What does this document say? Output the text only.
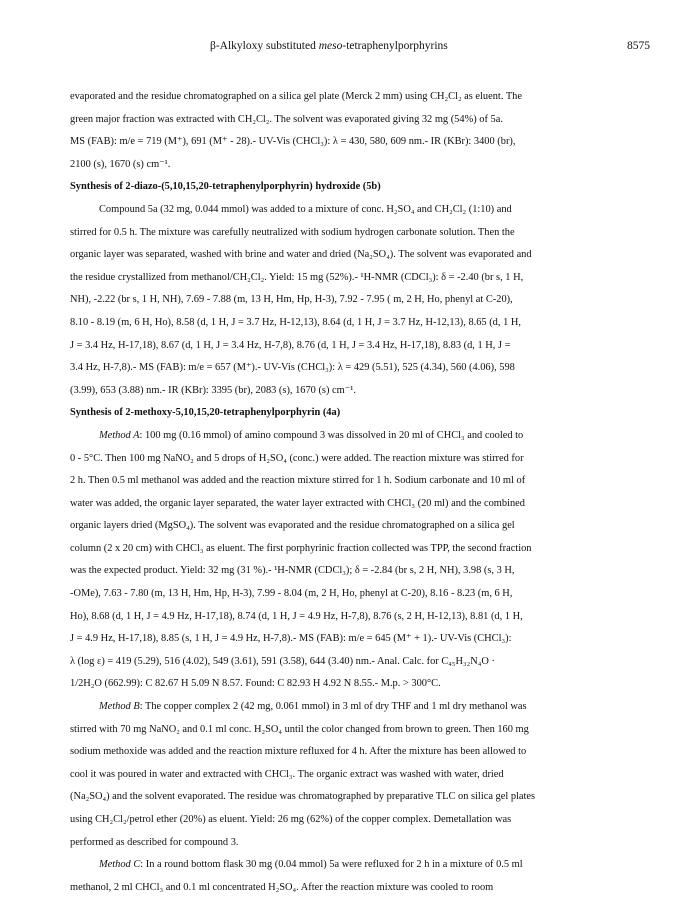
β-Alkyloxy substituted meso-tetraphenylporphyrins	8575
evaporated and the residue chromatographed on a silica gel plate (Merck 2 mm) using CH₂Cl₂ as eluent. The
green major fraction was extracted with CH₂Cl₂. The solvent was evaporated giving 32 mg (54%) of 5a.
MS (FAB): m/e = 719 (M⁺), 691 (M⁺ - 28).- UV-Vis (CHCl₃): λ = 430, 580, 609 nm.- IR (KBr): 3400 (br),
2100 (s), 1670 (s) cm⁻¹.
Synthesis of 2-diazo-(5,10,15,20-tetraphenylporphyrin) hydroxide (5b)
Compound 5a (32 mg, 0.044 mmol) was added to a mixture of conc. H₂SO₄ and CH₂Cl₂ (1:10) and
stirred for 0.5 h. The mixture was carefully neutralized with sodium hydrogen carbonate solution. Then the
organic layer was separated, washed with brine and water and dried (Na₂SO₄). The solvent was evaporated and
the residue crystallized from methanol/CH₂Cl₂. Yield: 15 mg (52%).- ¹H-NMR (CDCl₃): δ = -2.40 (br s, 1 H,
NH), -2.22 (br s, 1 H, NH), 7.69 - 7.88 (m, 13 H, Hm, Hp, H-3), 7.92 - 7.95 ( m, 2 H, Ho, phenyl at C-20),
8.10 - 8.19 (m, 6 H, Ho), 8.58 (d, 1 H, J = 3.7 Hz, H-12,13), 8.64 (d, 1 H, J = 3.7 Hz, H-12,13), 8.65 (d, 1 H,
J = 3.4 Hz, H-17,18), 8.67 (d, 1 H, J = 3.4 Hz, H-7,8), 8.76 (d, 1 H, J = 3.4 Hz, H-17,18), 8.83 (d, 1 H, J =
3.4 Hz, H-7,8).- MS (FAB): m/e = 657 (M⁺).- UV-Vis (CHCl₃): λ = 429 (5.51), 525 (4.34), 560 (4.06), 598
(3.99), 653 (3.88) nm.- IR (KBr): 3395 (br), 2083 (s), 1670 (s) cm⁻¹.
Synthesis of 2-methoxy-5,10,15,20-tetraphenylporphyrin (4a)
Method A: 100 mg (0.16 mmol) of amino compound 3 was dissolved in 20 ml of CHCl₃ and cooled to
0 - 5°C. Then 100 mg NaNO₂ and 5 drops of H₂SO₄ (conc.) were added. The reaction mixture was stirred for
2 h. Then 0.5 ml methanol was added and the reaction mixture stirred for 1 h. Sodium carbonate and 10 ml of
water was added, the organic layer separated, the water layer extracted with CHCl₃ (20 ml) and the combined
organic layers dried (MgSO₄). The solvent was evaporated and the residue chromatographed on a silica gel
column (2 x 20 cm) with CHCl₃ as eluent. The first porphyrinic fraction collected was TPP, the second fraction
was the expected product. Yield: 32 mg (31 %).- ¹H-NMR (CDCl₃); δ = -2.84 (br s, 2 H, NH), 3.98 (s, 3 H,
-OMe), 7.63 - 7.80 (m, 13 H, Hm, Hp, H-3), 7.99 - 8.04 (m, 2 H, Ho, phenyl at C-20), 8.16 - 8.23 (m, 6 H,
Ho), 8.68 (d, 1 H, J = 4.9 Hz, H-17,18), 8.74 (d, 1 H, J = 4.9 Hz, H-7,8), 8.76 (s, 2 H, H-12,13), 8.81 (d, 1 H,
J = 4.9 Hz, H-17,18), 8.85 (s, 1 H, J = 4.9 Hz, H-7,8).- MS (FAB): m/e = 645 (M⁺ + 1).- UV-Vis (CHCl₃):
λ (log ε) = 419 (5.29), 516 (4.02), 549 (3.61), 591 (3.58), 644 (3.40) nm.- Anal. Calc. for C₄₅H₃₂N₄O ·
1/2H₂O (662.99): C 82.67 H 5.09 N 8.57. Found: C 82.93 H 4.92 N 8.55.- M.p. > 300°C.
Method B: The copper complex 2 (42 mg, 0.061 mmol) in 3 ml of dry THF and 1 ml dry methanol was
stirred with 70 mg NaNO₂ and 0.1 ml conc. H₂SO₄ until the color changed from brown to green. Then 160 mg
sodium methoxide was added and the reaction mixture refluxed for 4 h. After the mixture has been allowed to
cool it was poured in water and extracted with CHCl₃. The organic extract was washed with water, dried
(Na₂SO₄) and the solvent evaporated. The residue was chromatographed by preparative TLC on silica gel plates
using CH₂Cl₂/petrol ether (20%) as eluent. Yield: 26 mg (62%) of the copper complex. Demetallation was
performed as described for compound 3.
Method C: In a round bottom flask 30 mg (0.04 mmol) 5a were refluxed for 2 h in a mixture of 0.5 ml
methanol, 2 ml CHCl₃ and 0.1 ml concentrated H₂SO₄. After the reaction mixture was cooled to room
